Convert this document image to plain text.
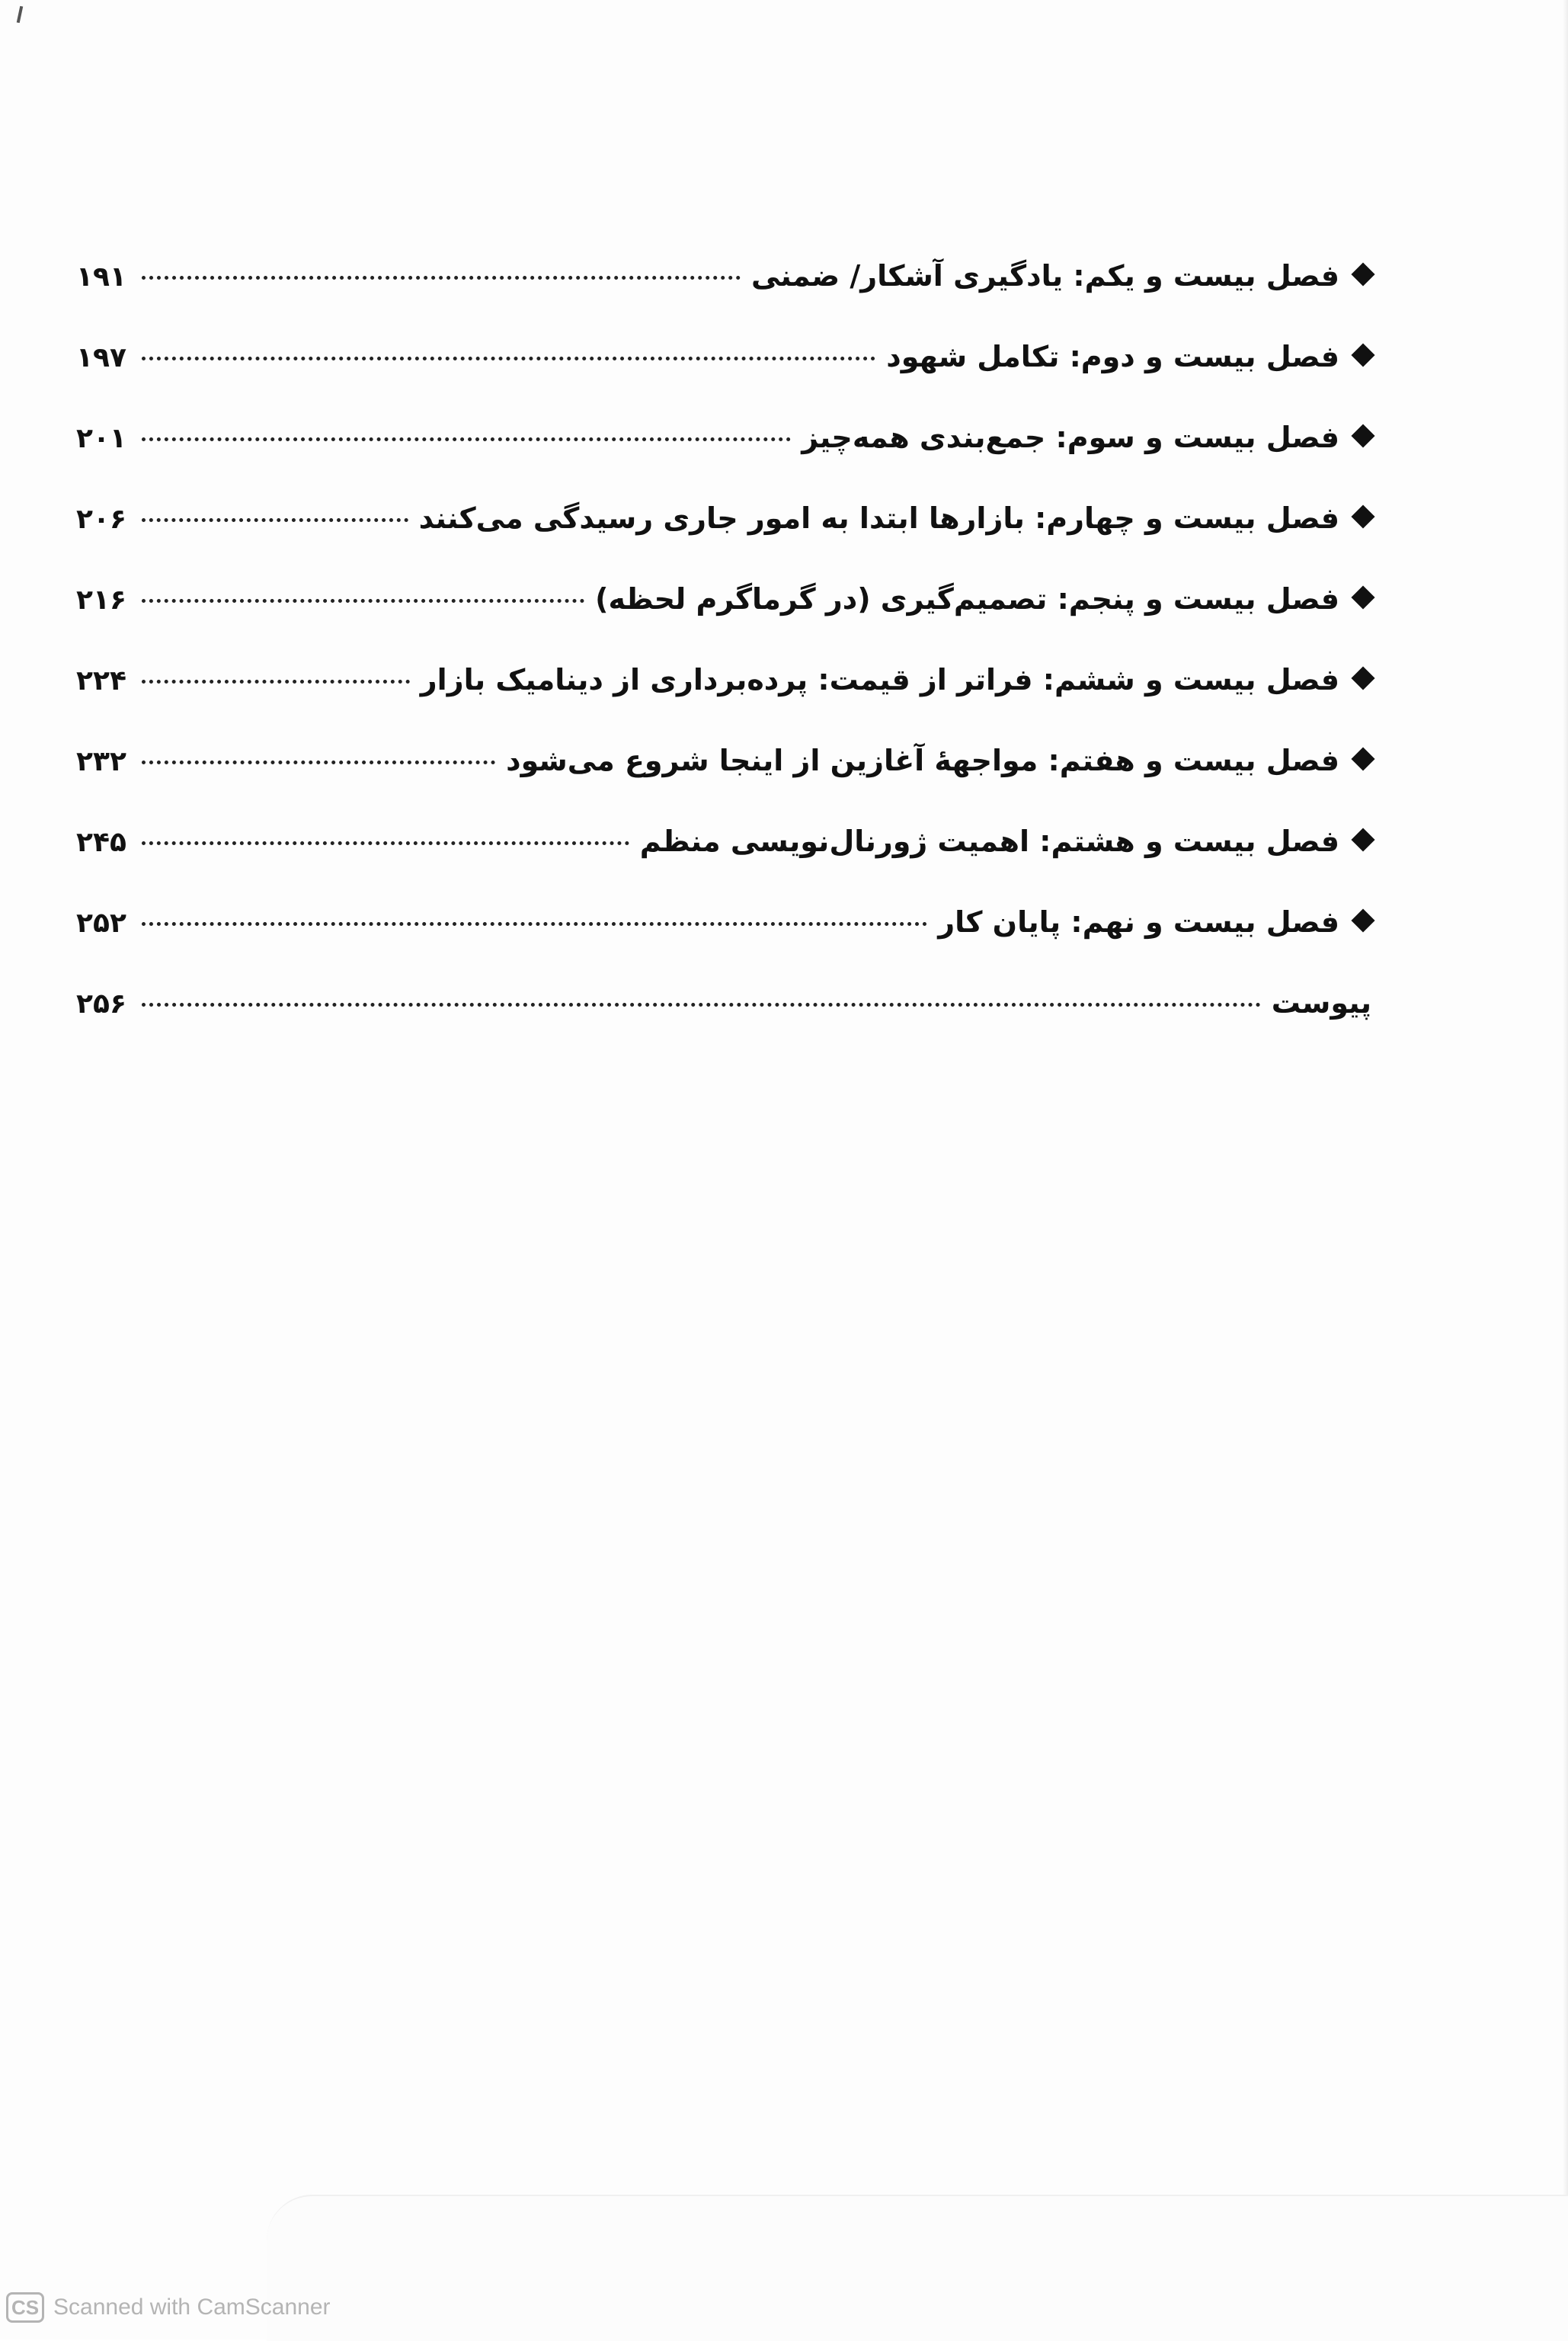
۱۹۱	فصل بیست و یکم: یادگیری آشکار/ ضمنی
۱۹۷	فصل بیست و دوم: تکامل شهود
۲۰۱	فصل بیست و سوم: جمع‌بندی همه‌چیز
۲۰۶	فصل بیست و چهارم: بازارها ابتدا به امور جاری رسیدگی می‌کنند
۲۱۶	فصل بیست و پنجم: تصمیم‌گیری (در گرماگرم لحظه)
۲۲۴	فصل بیست و ششم: فراتر از قیمت: پرده‌برداری از دینامیک بازار
۲۳۲	فصل بیست و هفتم: مواجههٔ آغازین از اینجا شروع می‌شود
۲۴۵	فصل بیست و هشتم: اهمیت ژورنال‌نویسی منظم
۲۵۲	فصل بیست و نهم: پایان کار
۲۵۶	پیوست
CS Scanned with CamScanner
